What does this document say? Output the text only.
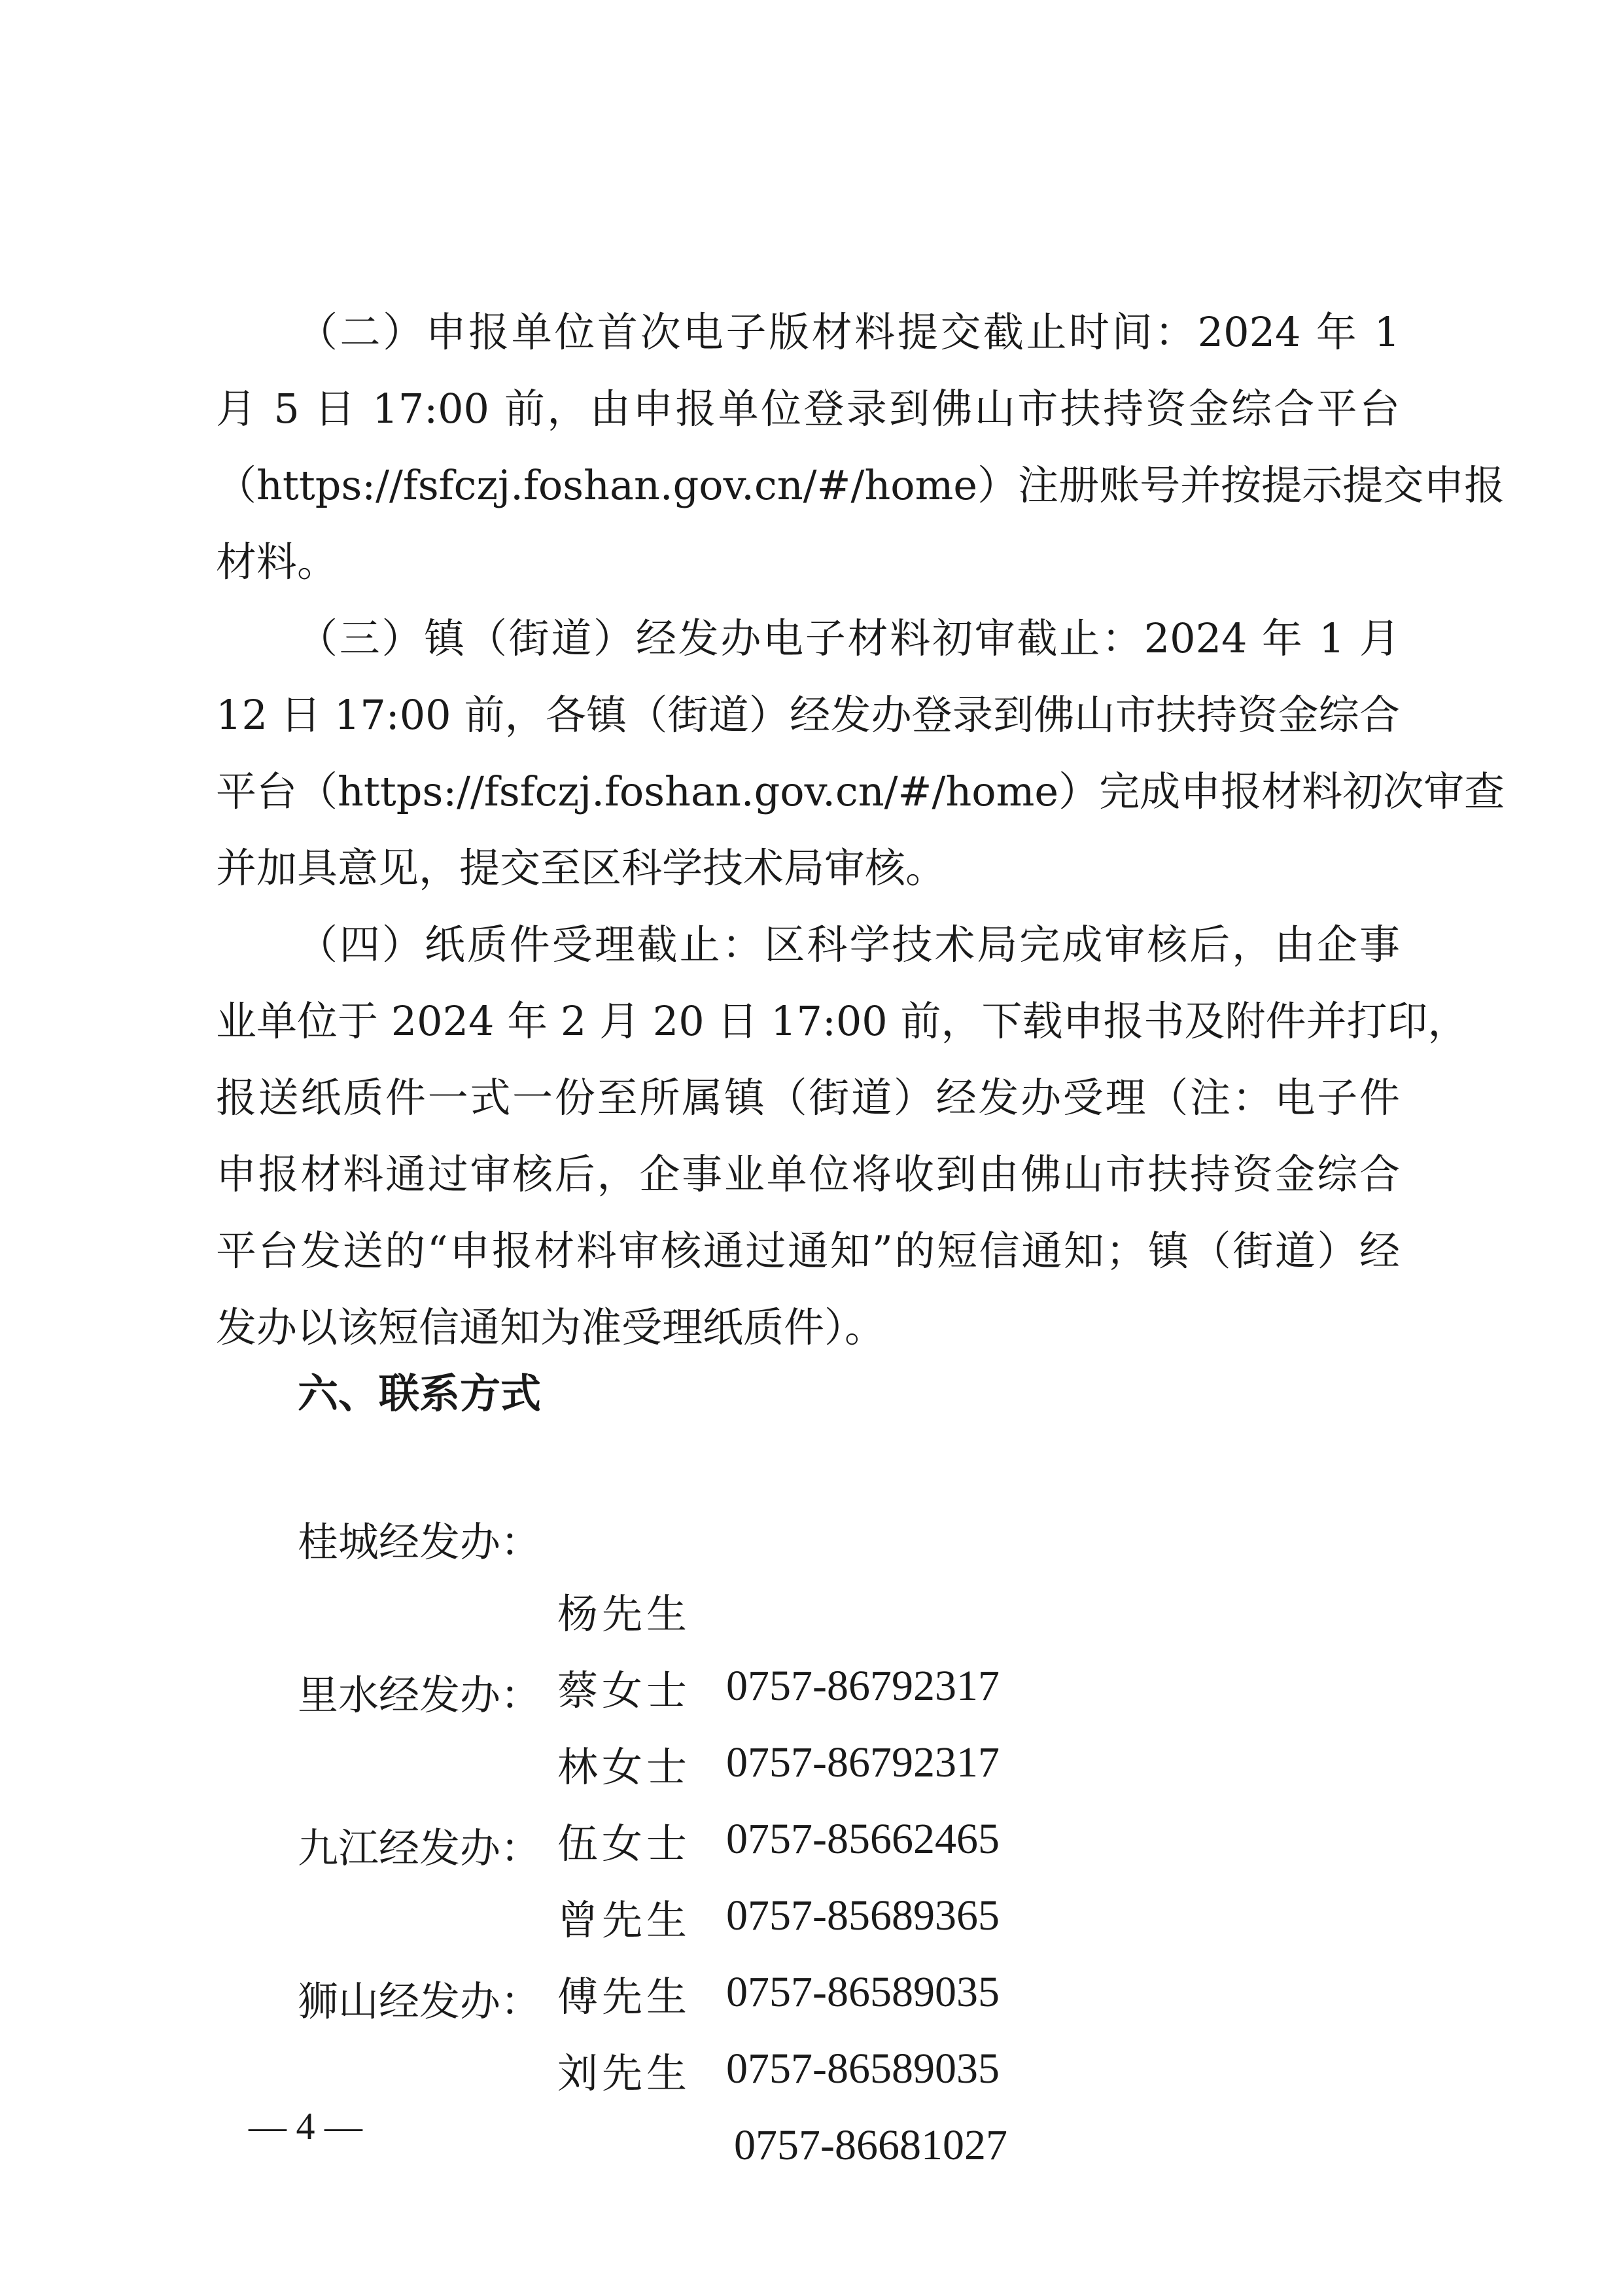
（二）申报单位首次电子版材料提交截止时间：2024 年 1
月 5 日 17:00 前，由申报单位登录到佛山市扶持资金综合平台
（https://fsfczj.foshan.gov.cn/#/home）注册账号并按提示提交申报
材料。
（三）镇（街道）经发办电子材料初审截止：2024 年 1 月
12 日 17:00 前，各镇（街道）经发办登录到佛山市扶持资金综合
平台（https://fsfczj.foshan.gov.cn/#/home）完成申报材料初次审查
并加具意见，提交至区科学技术局审核。
（四）纸质件受理截止：区科学技术局完成审核后，由企事
业单位于 2024 年 2 月 20 日 17:00 前，下载申报书及附件并打印，
报送纸质件一式一份至所属镇（街道）经发办受理（注：电子件
申报材料通过审核后，企事业单位将收到由佛山市扶持资金综合
平台发送的“申报材料审核通过通知”的短信通知；镇（街道）经
发办以该短信通知为准受理纸质件）。
六、联系方式

桂城经发办：

杨先生

0757-86792317

蔡女士

0757-86792317

里水经发办：

林女士

0757-85662465

伍女士

0757-85689365

九江经发办：

曾先生

0757-86589035

傅先生

0757-86589035

狮山经发办：

刘先生

0757-86681027

— 4 —
